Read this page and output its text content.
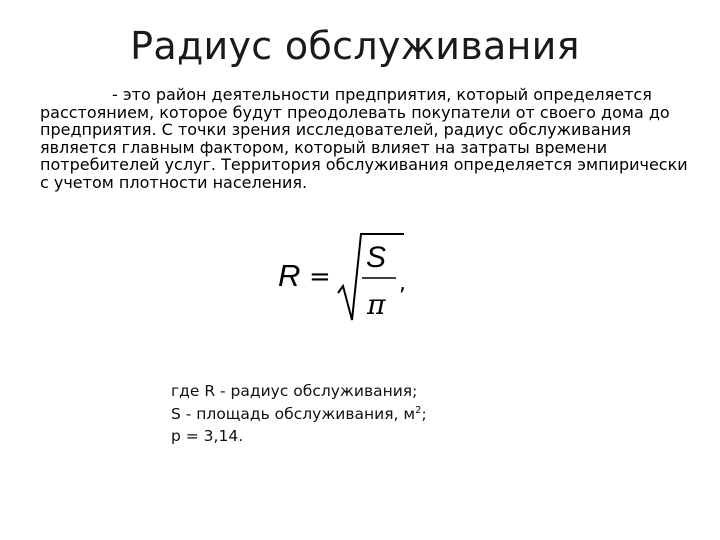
Радиус обслуживания

- это район деятельности предприятия, который определяется расстоянием, которое будут преодолевать покупатели от своего дома до предприятия. С точки зрения исследователей, радиус обслуживания является главным фактором, который влияет на затраты времени потребителей услуг. Территория обслуживания определяется эмпирически с учетом плотности населения.

R =
S
π
,
где R - радиус обслуживания;
S - площадь обслуживания, $м^2$;
p = 3,14.
